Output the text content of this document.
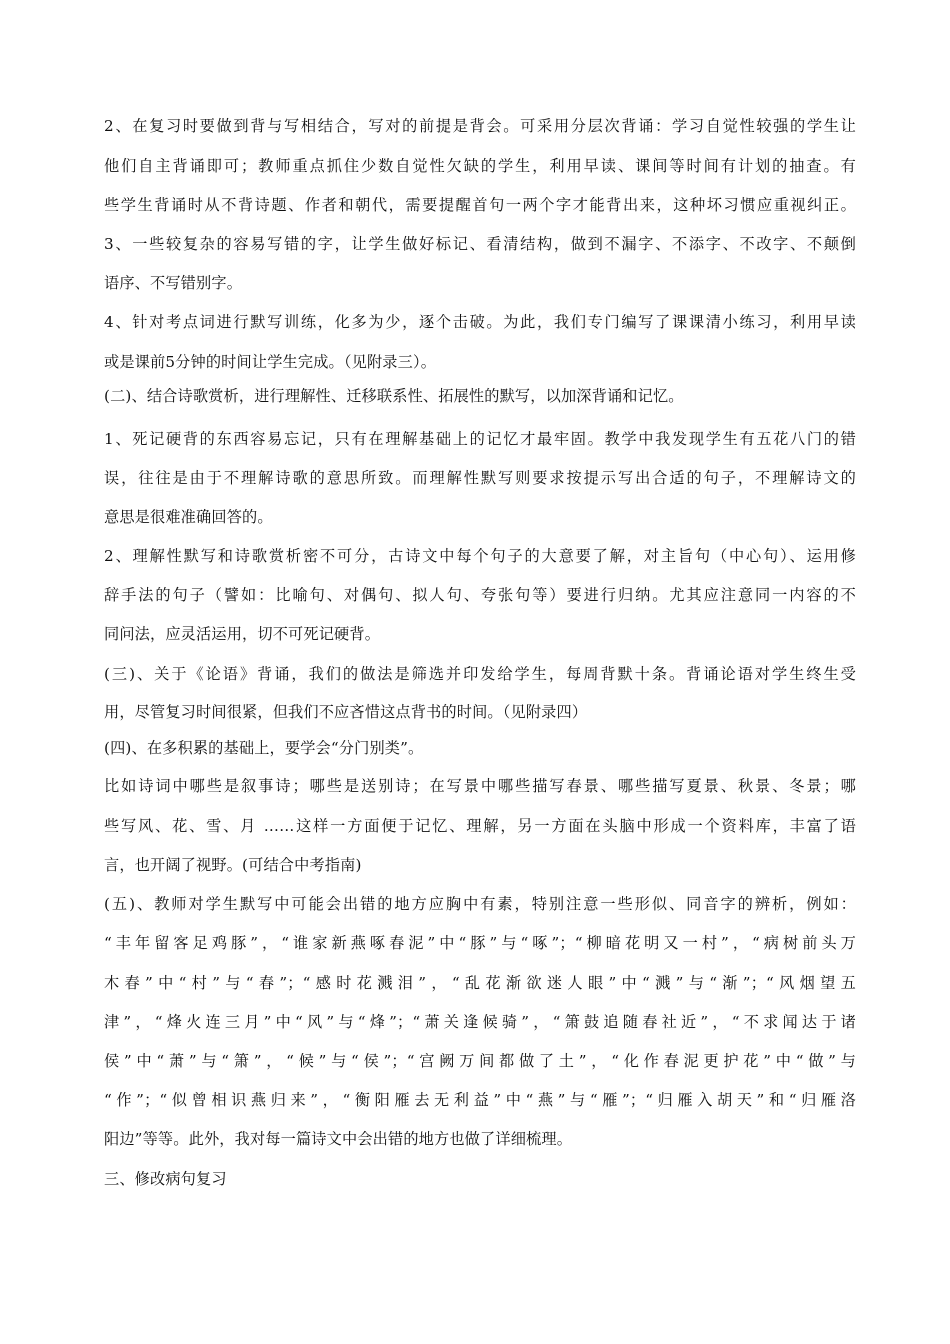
2、在复习时要做到背与写相结合，写对的前提是背会。可采用分层次背诵：学习自觉性较强的学生让
他们自主背诵即可；教师重点抓住少数自觉性欠缺的学生，利用早读、课间等时间有计划的抽查。有
些学生背诵时从不背诗题、作者和朝代，需要提醒首句一两个字才能背出来，这种坏习惯应重视纠正。
3、一些较复杂的容易写错的字，让学生做好标记、看清结构，做到不漏字、不添字、不改字、不颠倒
语序、不写错别字。
4、针对考点词进行默写训练，化多为少，逐个击破。为此，我们专门编写了课课清小练习，利用早读
或是课前5分钟的时间让学生完成。（见附录三）。
(二)、结合诗歌赏析，进行理解性、迁移联系性、拓展性的默写，以加深背诵和记忆。
1、死记硬背的东西容易忘记，只有在理解基础上的记忆才最牢固。教学中我发现学生有五花八门的错
误，往往是由于不理解诗歌的意思所致。而理解性默写则要求按提示写出合适的句子，不理解诗文的
意思是很难准确回答的。
2、理解性默写和诗歌赏析密不可分，古诗文中每个句子的大意要了解，对主旨句（中心句）、运用修
辞手法的句子（譬如：比喻句、对偶句、拟人句、夸张句等）要进行归纳。尤其应注意同一内容的不
同问法，应灵活运用，切不可死记硬背。
(三)、关于《论语》背诵，我们的做法是筛选并印发给学生，每周背默十条。背诵论语对学生终生受
用，尽管复习时间很紧，但我们不应吝惜这点背书的时间。（见附录四）
(四)、在多积累的基础上，要学会“分门别类”。
比如诗词中哪些是叙事诗；哪些是送别诗；在写景中哪些描写春景、哪些描写夏景、秋景、冬景；哪
些写风、花、雪、月 ……这样一方面便于记忆、理解，另一方面在头脑中形成一个资料库，丰富了语
言，也开阔了视野。(可结合中考指南)
(五)、教师对学生默写中可能会出错的地方应胸中有素，特别注意一些形似、同音字的辨析，例如：
“丰年留客足鸡豚”，“谁家新燕啄春泥”中“豚”与“啄”；“柳暗花明又一村”，“病树前头万
木春”中“村”与“春”；“感时花溅泪”，“乱花渐欲迷人眼”中“溅”与“渐”；“风烟望五
津”，“烽火连三月”中“风”与“烽”；“萧关逢候骑”，“箫鼓追随春社近”，“不求闻达于诸
侯”中“萧”与“箫”，“候”与“侯”；“宫阙万间都做了土”，“化作春泥更护花”中“做”与
“作”；“似曾相识燕归来”，“衡阳雁去无利益”中“燕”与“雁”；“归雁入胡天”和“归雁洛
阳边”等等。此外，我对每一篇诗文中会出错的地方也做了详细梳理。
三、修改病句复习
